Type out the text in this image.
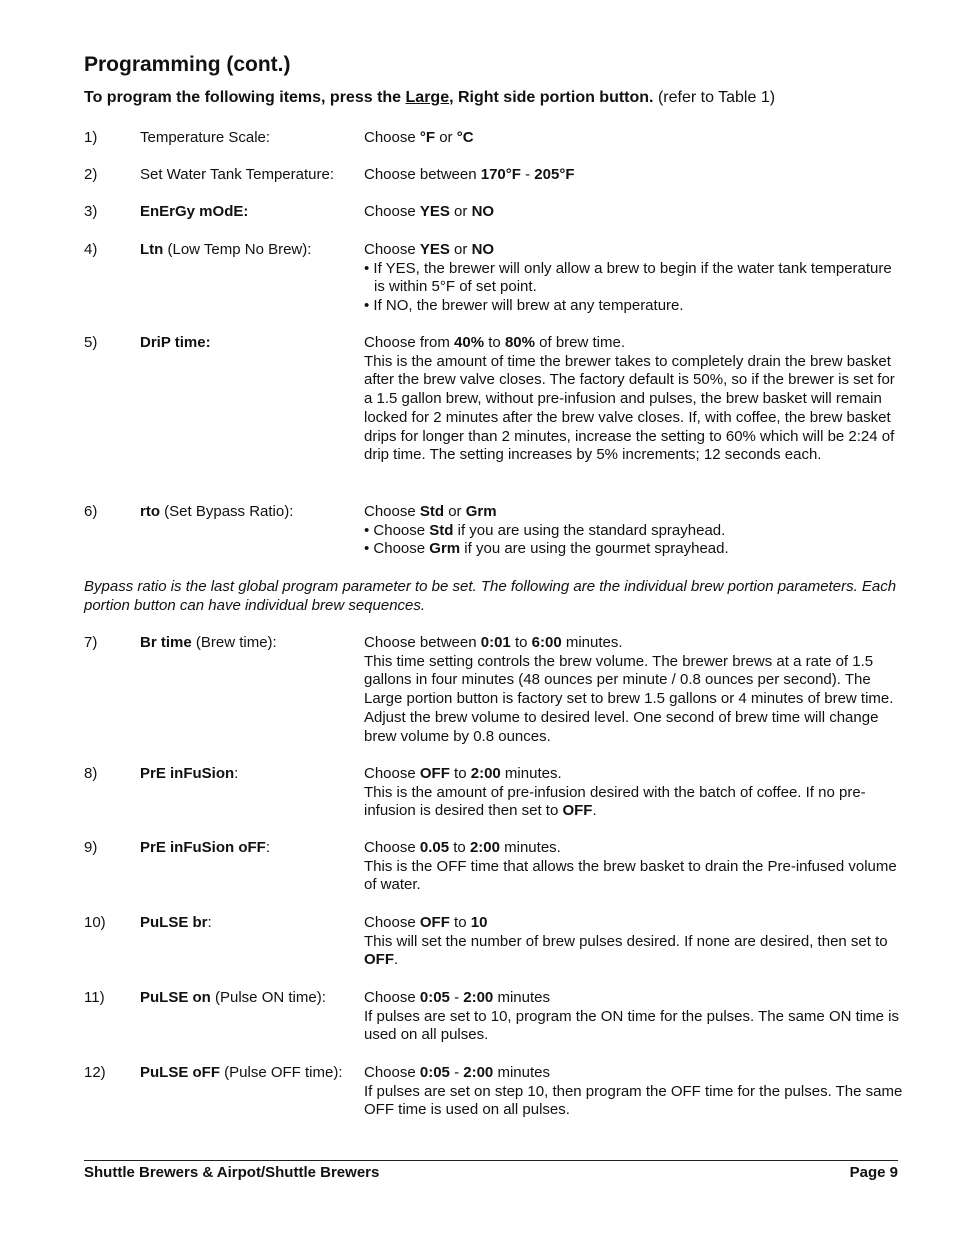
Programming (cont.)
To program the following items, press the Large, Right side portion button. (refer to Table 1)
1)	Temperature Scale:	Choose °F or °C

2)	Set Water Tank Temperature: Choose between 170°F - 205°F

3)	EnErGy mOdE:	Choose YES or NO

4)	Ltn (Low Temp No Brew):	Choose YES or NO

• If YES, the brewer will only allow a brew to begin if the water tank temperature is within 5°F of set point.

• If NO, the brewer will brew at any temperature.

5)	DriP time:	Choose from 40% to 80% of brew time.

This is the amount of time the brewer takes to completely drain the brew basket after the brew valve closes. The factory default is 50%, so if the brewer is set for a 1.5 gallon brew, without pre-infusion and pulses, the brew basket will remain locked for 2 minutes after the brew valve closes. If, with coffee, the brew basket drips for longer than 2 minutes, increase the setting to 60% which will be 2:24 of drip time. The setting increases by 5% increments; 12 seconds each.

6)	rto (Set Bypass Ratio):	Choose Std or Grm

• Choose Std if you are using the standard sprayhead.

• Choose Grm if you are using the gourmet sprayhead.

Bypass ratio is the last global program parameter to be set. The following are the individual brew portion parameters. Each portion button can have individual brew sequences.

7)	Br time (Brew time):	Choose between 0:01 to 6:00 minutes.

This time setting controls the brew volume. The brewer brews at a rate of 1.5 gallons in four minutes (48 ounces per minute / 0.8 ounces per second). The Large portion button is factory set to brew 1.5 gallons or 4 minutes of brew time. Adjust the brew volume to desired level. One second of brew time will change brew volume by 0.8 ounces.

8)	PrE inFuSion:	Choose OFF to 2:00 minutes.

This is the amount of pre-infusion desired with the batch of coffee. If no pre-infusion is desired then set to OFF.

9)	PrE inFuSion oFF:	Choose 0.05 to 2:00 minutes.

This is the OFF time that allows the brew basket to drain the Pre-infused volume of water.

10) PuLSE br:	Choose OFF to 10

This will set the number of brew pulses desired. If none are desired, then set to OFF.

11) PuLSE on (Pulse ON time):	Choose 0:05 - 2:00 minutes

If pulses are set to 10, program the ON time for the pulses. The same ON time is used on all pulses.

12) PuLSE oFF (Pulse OFF time): Choose 0:05 - 2:00 minutes

If pulses are set on step 10, then program the OFF time for the pulses. The same OFF time is used on all pulses.

Shuttle Brewers & Airpot/Shuttle Brewers	Page 9
